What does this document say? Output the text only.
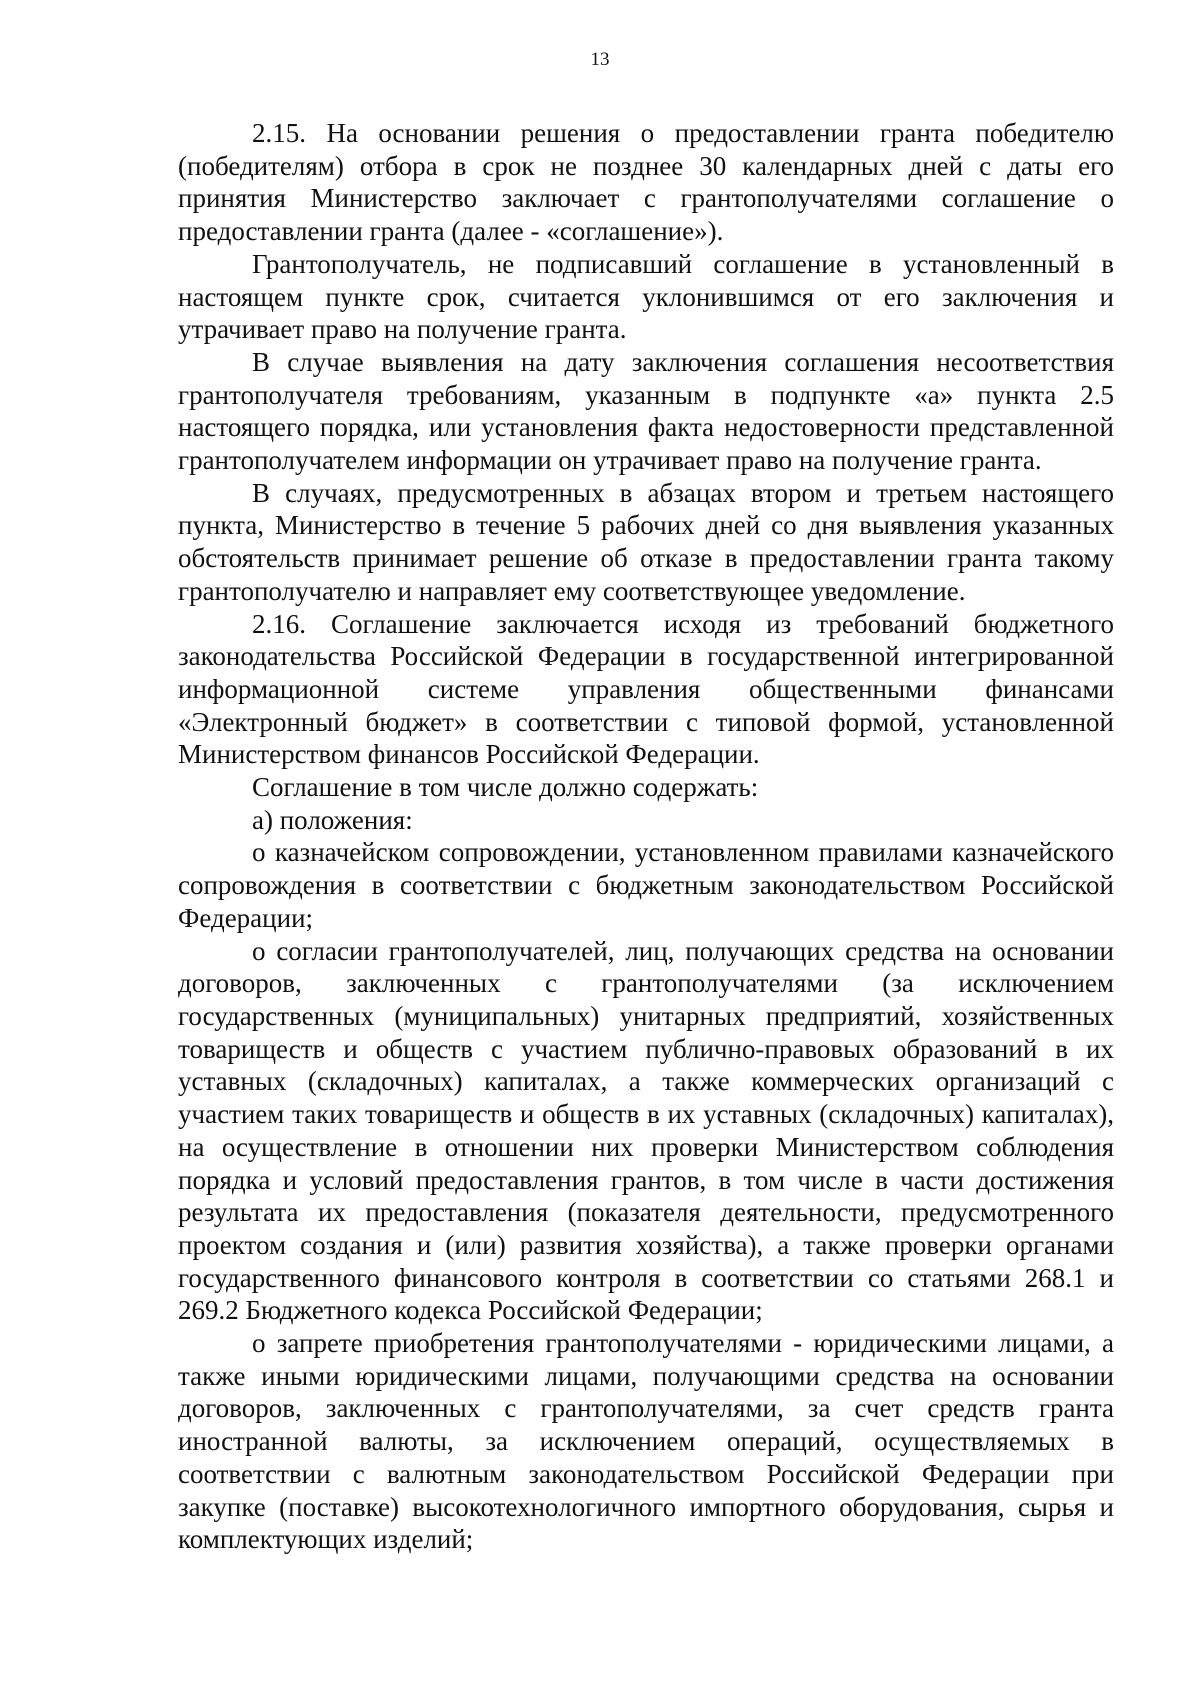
13

2.15. На основании решения о предоставлении гранта победителю (победителям) отбора в срок не позднее 30 календарных дней с даты его принятия Министерство заключает с грантополучателями соглашение о предоставлении гранта (далее - «соглашение»).

Грантополучатель, не подписавший соглашение в установленный в настоящем пункте срок, считается уклонившимся от его заключения и утрачивает право на получение гранта.

В случае выявления на дату заключения соглашения несоответствия грантополучателя требованиям, указанным в подпункте «а» пункта 2.5 настоящего порядка, или установления факта недостоверности представленной грантополучателем информации он утрачивает право на получение гранта.

В случаях, предусмотренных в абзацах втором и третьем настоящего пункта, Министерство в течение 5 рабочих дней со дня выявления указанных обстоятельств принимает решение об отказе в предоставлении гранта такому грантополучателю и направляет ему соответствующее уведомление.

2.16. Соглашение заключается исходя из требований бюджетного законодательства Российской Федерации в государственной интегрированной информационной системе управления общественными финансами «Электронный бюджет» в соответствии с типовой формой, установленной Министерством финансов Российской Федерации.

Соглашение в том числе должно содержать:

а) положения:

о казначейском сопровождении, установленном правилами казначейского сопровождения в соответствии с бюджетным законодательством Российской Федерации;

о согласии грантополучателей, лиц, получающих средства на основании договоров, заключенных с грантополучателями (за исключением государственных (муниципальных) унитарных предприятий, хозяйственных товариществ и обществ с участием публично-правовых образований в их уставных (складочных) капиталах, а также коммерческих организаций с участием таких товариществ и обществ в их уставных (складочных) капиталах), на осуществление в отношении них проверки Министерством соблюдения порядка и условий предоставления грантов, в том числе в части достижения результата их предоставления (показателя деятельности, предусмотренного проектом создания и (или) развития хозяйства), а также проверки органами государственного финансового контроля в соответствии со статьями 268.1 и 269.2 Бюджетного кодекса Российской Федерации;

о запрете приобретения грантополучателями - юридическими лицами, а также иными юридическими лицами, получающими средства на основании договоров, заключенных с грантополучателями, за счет средств гранта иностранной валюты, за исключением операций, осуществляемых в соответствии с валютным законодательством Российской Федерации при закупке (поставке) высокотехнологичного импортного оборудования, сырья и комплектующих изделий;
